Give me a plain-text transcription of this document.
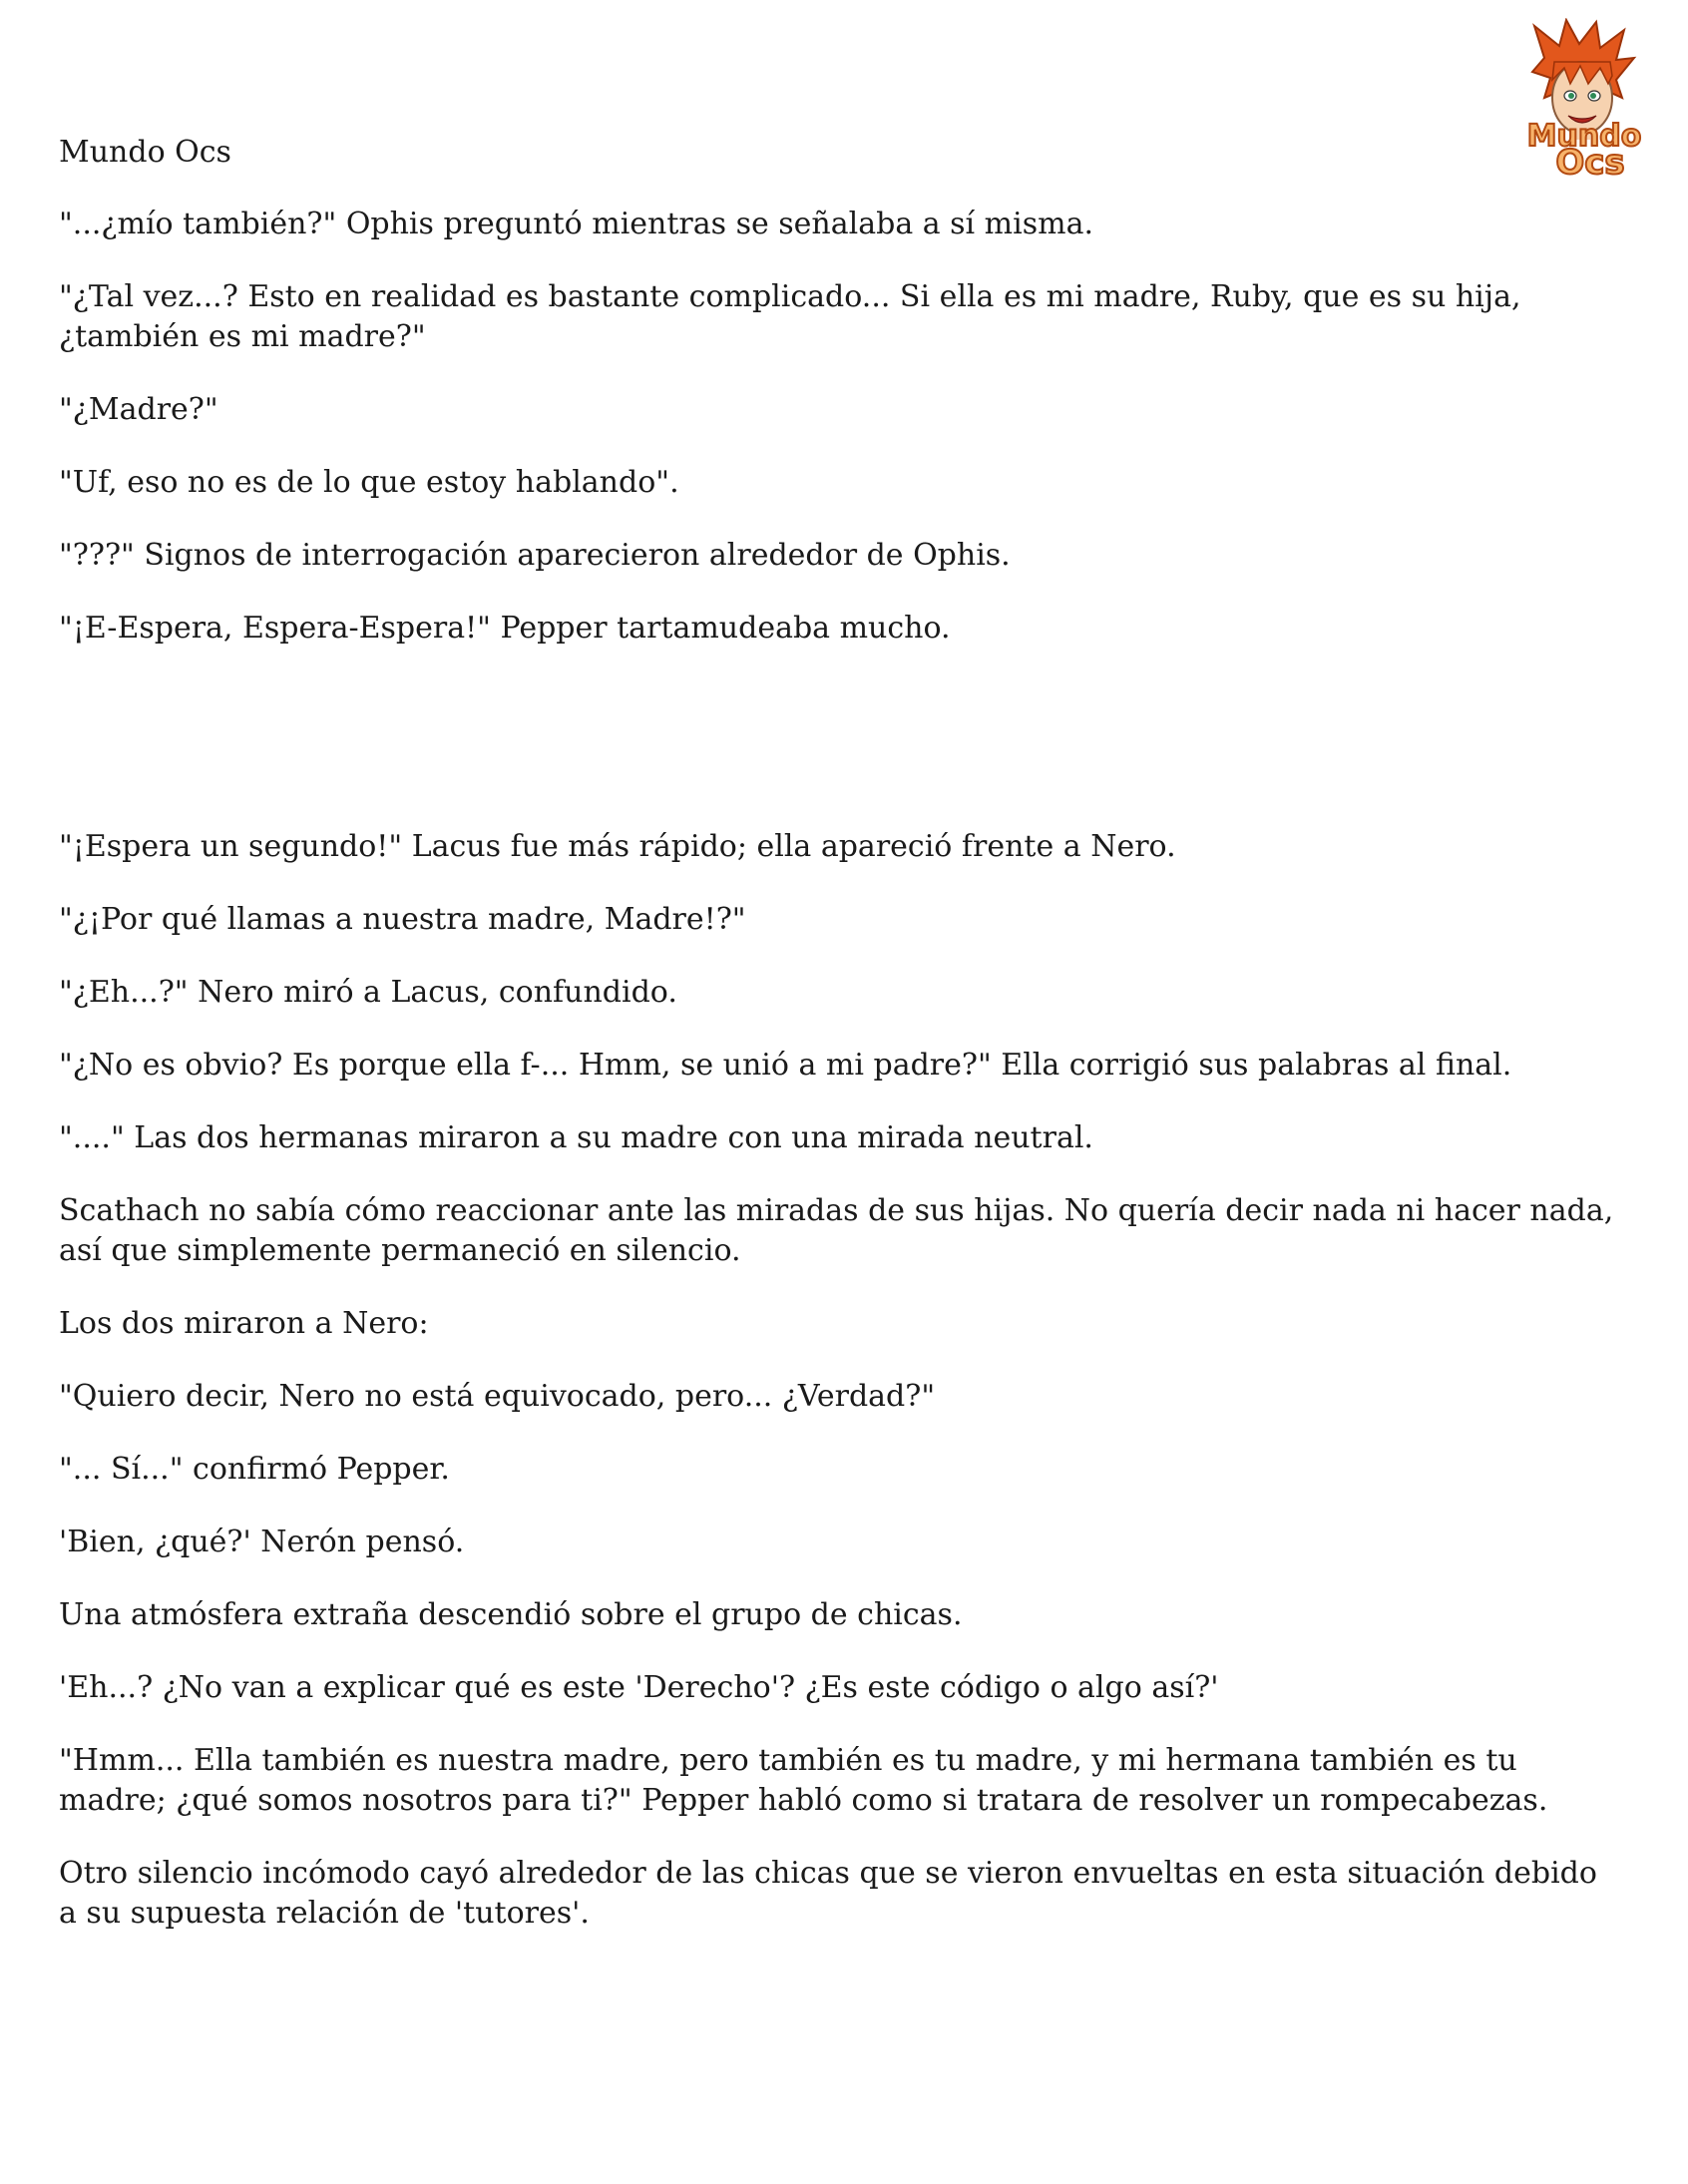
Mundo
Ocs
Mundo Ocs

"...¿mío también?" Ophis preguntó mientras se señalaba a sí misma.

"¿Tal vez...? Esto en realidad es bastante complicado... Si ella es mi madre, Ruby, que es su hija, ¿también es mi madre?"

"¿Madre?"

"Uf, eso no es de lo que estoy hablando".

"???" Signos de interrogación aparecieron alrededor de Ophis.

"¡E-Espera, Espera-Espera!" Pepper tartamudeaba mucho.

"¡Espera un segundo!" Lacus fue más rápido; ella apareció frente a Nero.

"¿¡Por qué llamas a nuestra madre, Madre!?"

"¿Eh...?" Nero miró a Lacus, confundido.

"¿No es obvio? Es porque ella f-... Hmm, se unió a mi padre?" Ella corrigió sus palabras al final.

"...." Las dos hermanas miraron a su madre con una mirada neutral.

Scathach no sabía cómo reaccionar ante las miradas de sus hijas. No quería decir nada ni hacer nada, así que simplemente permaneció en silencio.

Los dos miraron a Nero:

"Quiero decir, Nero no está equivocado, pero... ¿Verdad?"

"... Sí..." confirmó Pepper.

'Bien, ¿qué?' Nerón pensó.

Una atmósfera extraña descendió sobre el grupo de chicas.

'Eh...? ¿No van a explicar qué es este 'Derecho'? ¿Es este código o algo así?'

"Hmm... Ella también es nuestra madre, pero también es tu madre, y mi hermana también es tu madre; ¿qué somos nosotros para ti?" Pepper habló como si tratara de resolver un rompecabezas.

Otro silencio incómodo cayó alrededor de las chicas que se vieron envueltas en esta situación debido a su supuesta relación de 'tutores'.
